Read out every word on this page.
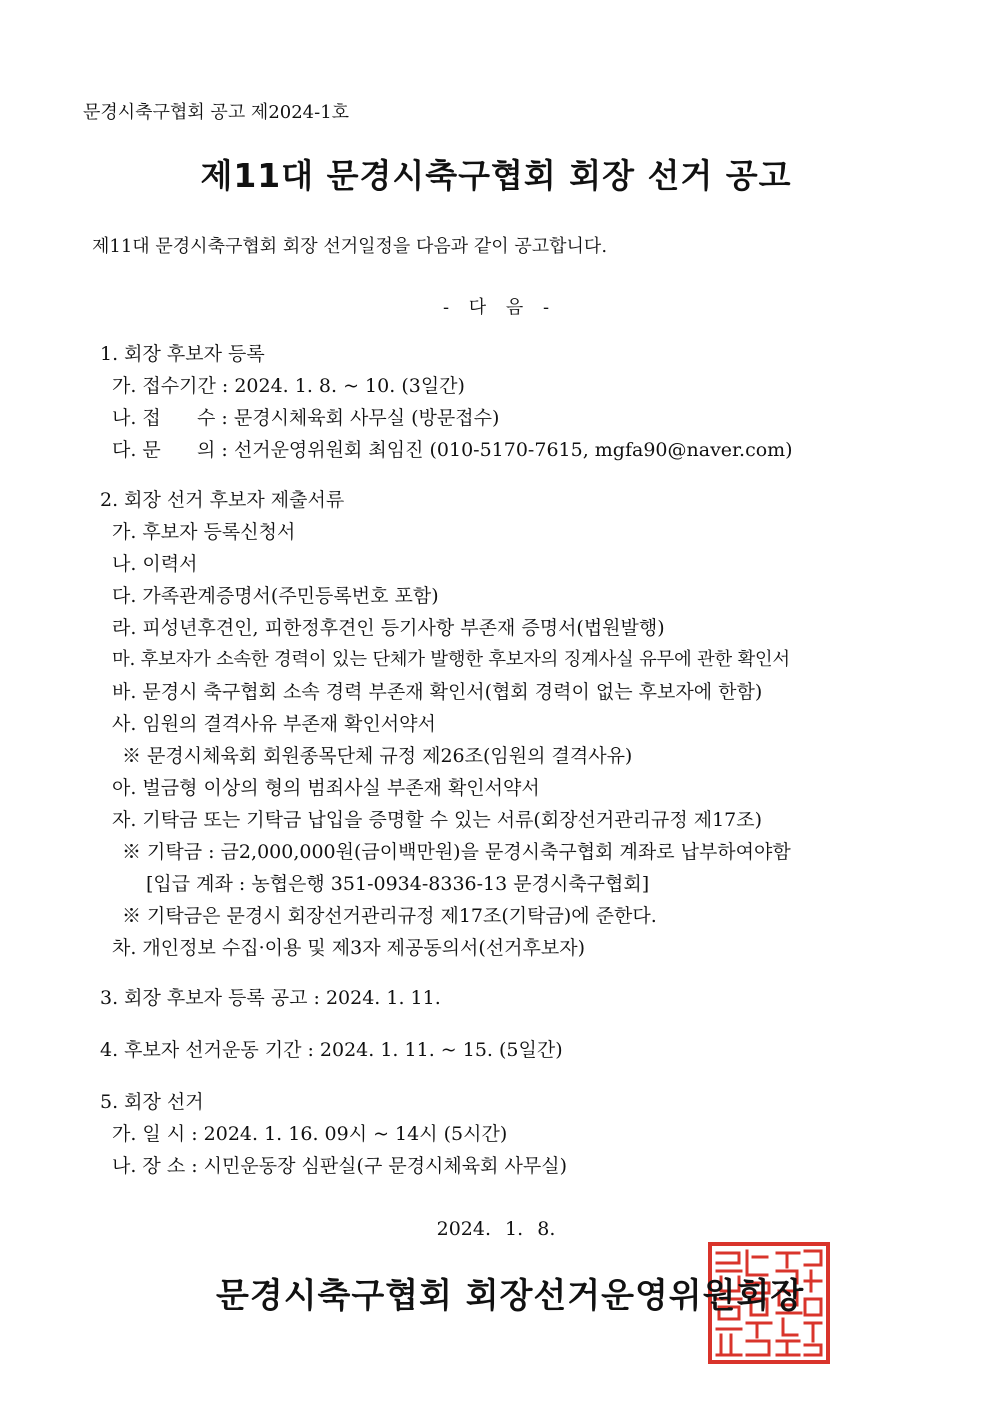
문경시축구협회 공고 제2024-1호
제11대 문경시축구협회 회장 선거 공고
제11대 문경시축구협회 회장 선거일정을 다음과 같이 공고합니다.
- 다 음 -
1. 회장 후보자 등록
가. 접수기간 : 2024. 1. 8. ~ 10. (3일간)
나. 접      수 : 문경시체육회 사무실 (방문접수)
다. 문      의 : 선거운영위원회 최임진 (010-5170-7615, mgfa90@naver.com)
2. 회장 선거 후보자 제출서류
가. 후보자 등록신청서
나. 이력서
다. 가족관계증명서(주민등록번호 포함)
라. 피성년후견인, 피한정후견인 등기사항 부존재 증명서(법원발행)
마. 후보자가 소속한 경력이 있는 단체가 발행한 후보자의 징계사실 유무에 관한 확인서
바. 문경시 축구협회 소속 경력 부존재 확인서(협회 경력이 없는 후보자에 한함)
사. 임원의 결격사유 부존재 확인서약서
※ 문경시체육회 회원종목단체 규정 제26조(임원의 결격사유)
아. 벌금형 이상의 형의 범죄사실 부존재 확인서약서
자. 기탁금 또는 기탁금 납입을 증명할 수 있는 서류(회장선거관리규정 제17조)
※ 기탁금 : 금2,000,000원(금이백만원)을 문경시축구협회 계좌로 납부하여야함
[입급 계좌 : 농협은행 351-0934-8336-13 문경시축구협회]
※ 기탁금은 문경시 회장선거관리규정 제17조(기탁금)에 준한다.
차. 개인정보 수집·이용 및 제3자 제공동의서(선거후보자)
3. 회장 후보자 등록 공고 : 2024. 1. 11.
4. 후보자 선거운동 기간 : 2024. 1. 11. ~ 15. (5일간)
5. 회장 선거
가. 일 시 : 2024. 1. 16. 09시 ~ 14시 (5시간)
나. 장 소 : 시민운동장 심판실(구 문경시체육회 사무실)
2024. 1. 8.
문경시축구협회 회장선거운영위원회장
